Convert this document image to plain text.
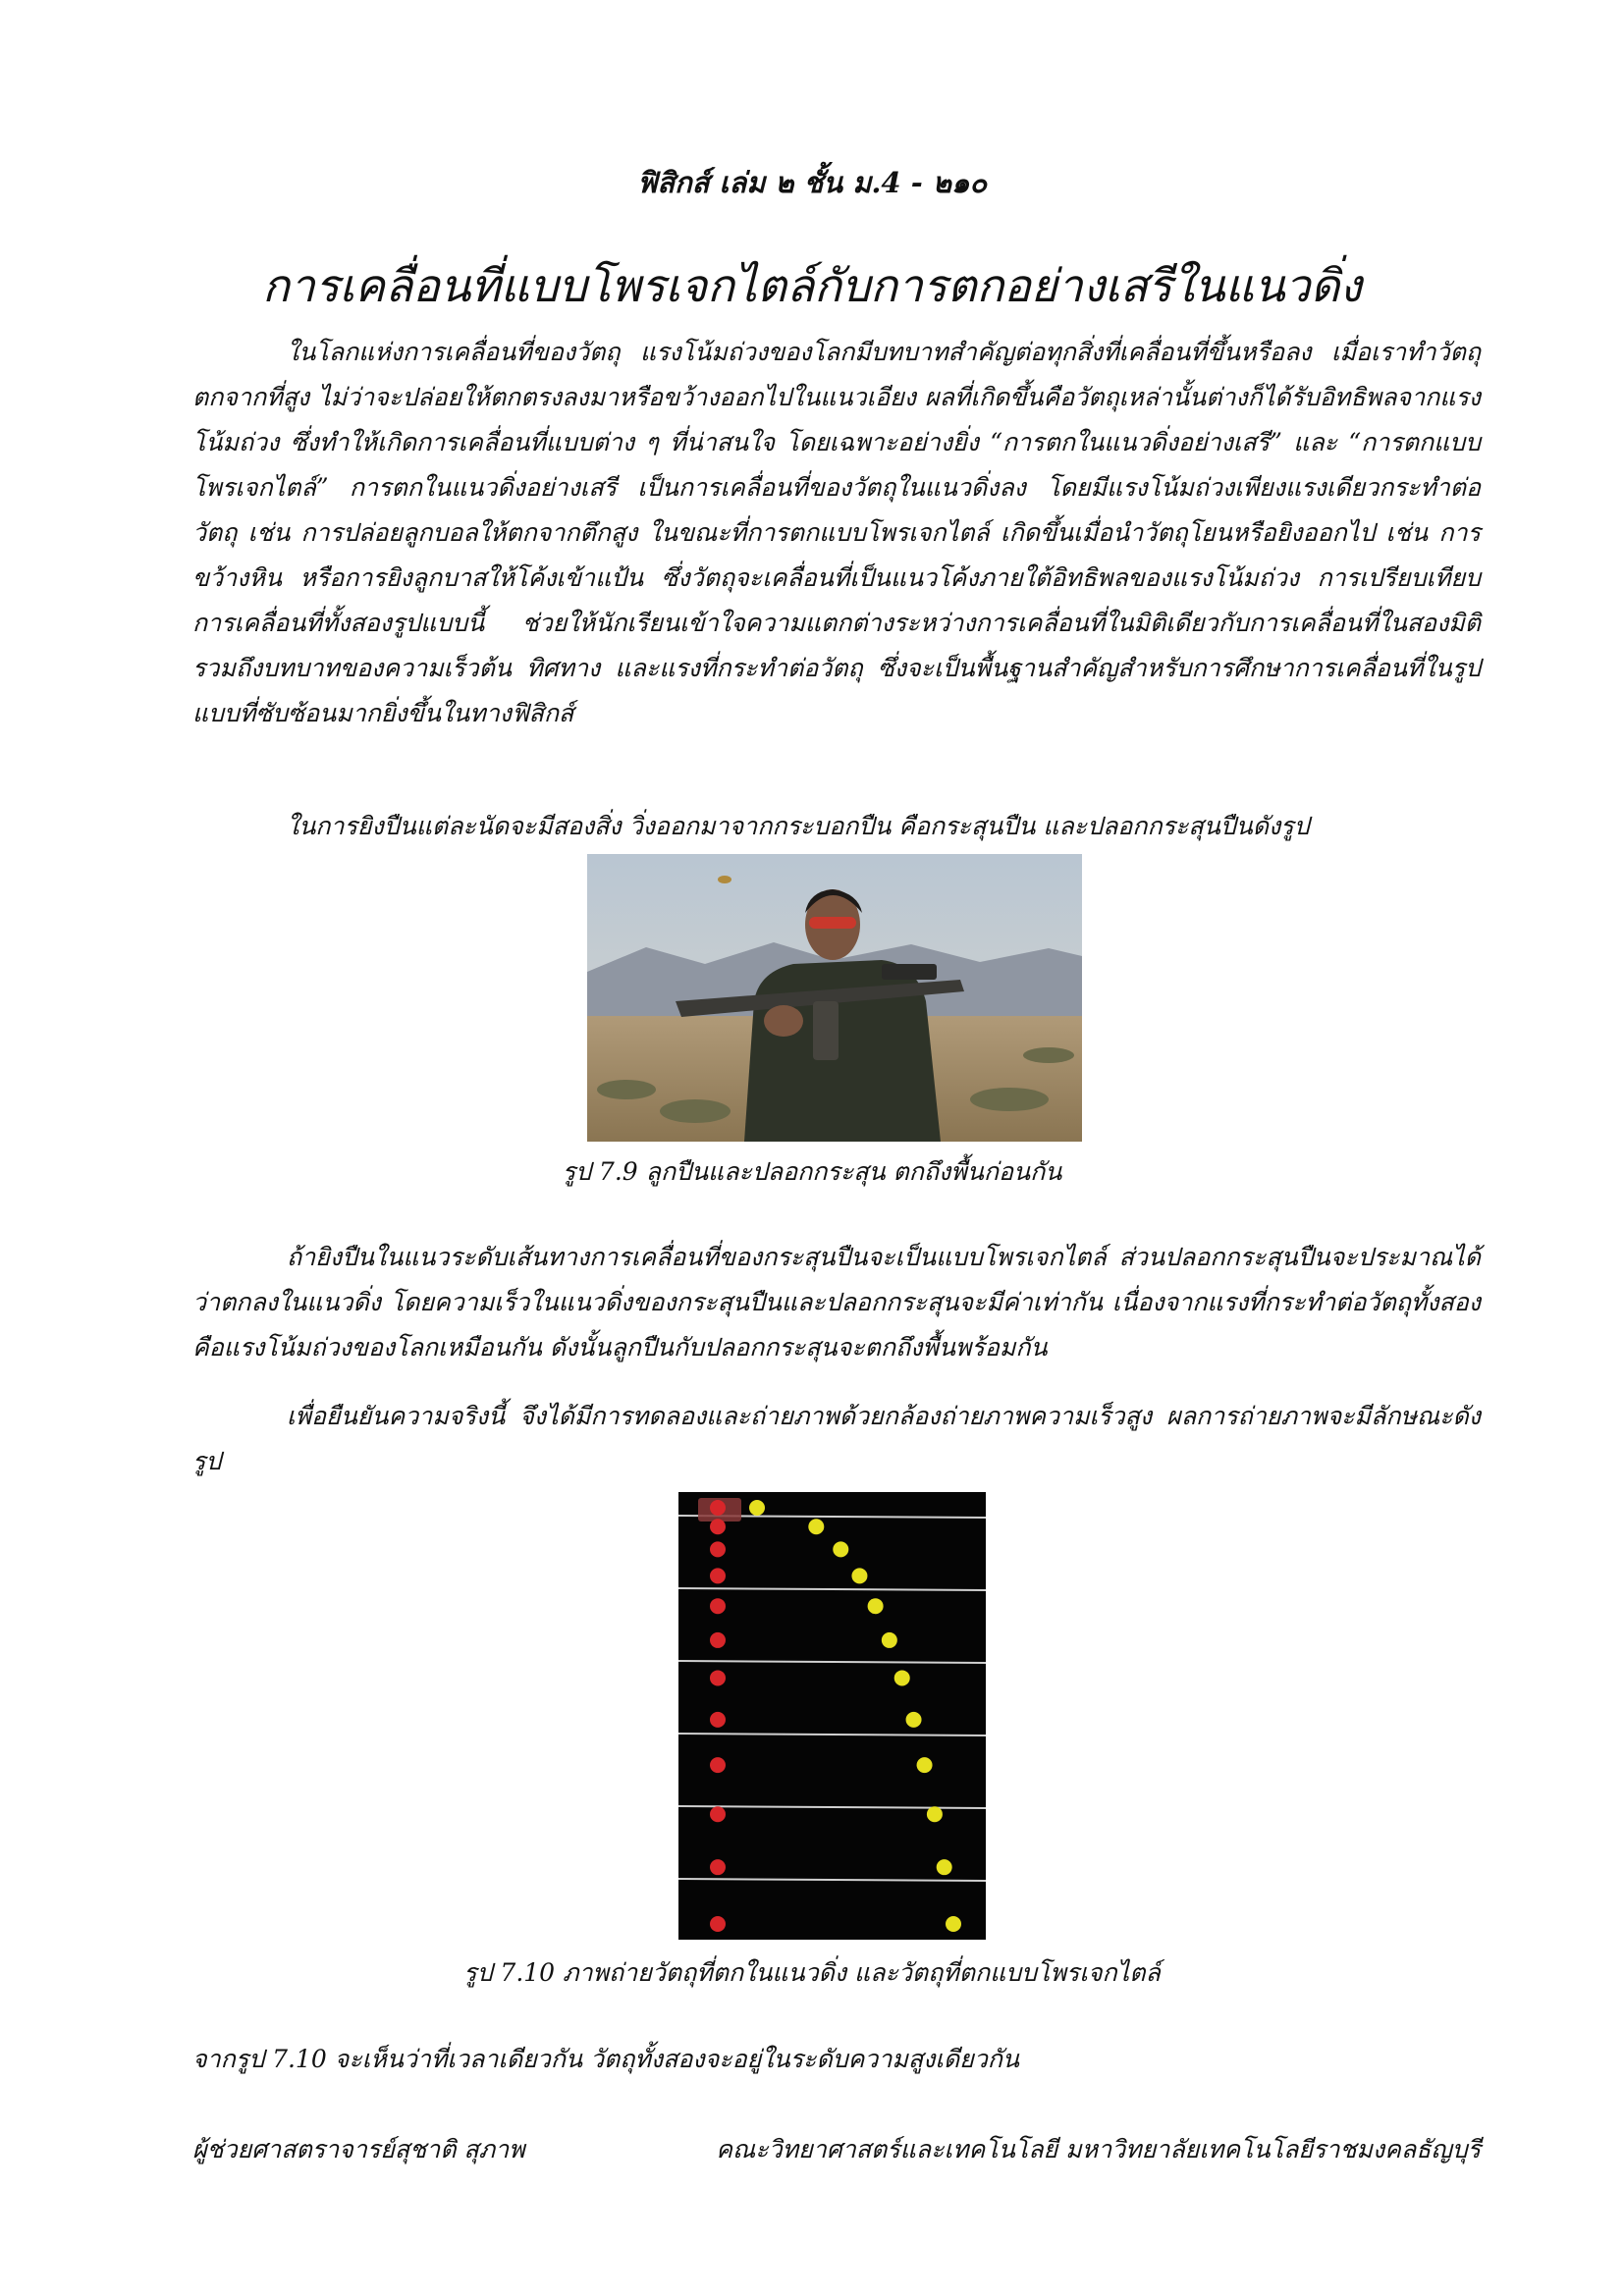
ฟิสิกส์ เล่ม ๒ ชั้น ม.4 - ๒๑๐
การเคลื่อนที่แบบโพรเจกไตล์กับการตกอย่างเสรีในแนวดิ่ง

ในโลกแห่งการเคลื่อนที่ของวัตถุ แรงโน้มถ่วงของโลกมีบทบาทสำคัญต่อทุกสิ่งที่เคลื่อนที่ขึ้นหรือลง เมื่อเราทำวัตถุตกจากที่สูง ไม่ว่าจะปล่อยให้ตกตรงลงมาหรือขว้างออกไปในแนวเอียง ผลที่เกิดขึ้นคือวัตถุเหล่านั้นต่างก็ได้รับอิทธิพลจากแรงโน้มถ่วง ซึ่งทำให้เกิดการเคลื่อนที่แบบต่าง ๆ ที่น่าสนใจ โดยเฉพาะอย่างยิ่ง “การตกในแนวดิ่งอย่างเสรี” และ “การตกแบบโพรเจกไตล์” การตกในแนวดิ่งอย่างเสรี เป็นการเคลื่อนที่ของวัตถุในแนวดิ่งลง โดยมีแรงโน้มถ่วงเพียงแรงเดียวกระทำต่อวัตถุ เช่น การปล่อยลูกบอลให้ตกจากตึกสูง ในขณะที่การตกแบบโพรเจกไตล์ เกิดขึ้นเมื่อนำวัตถุโยนหรือยิงออกไป เช่น การขว้างหิน หรือการยิงลูกบาสให้โค้งเข้าแป้น ซึ่งวัตถุจะเคลื่อนที่เป็นแนวโค้งภายใต้อิทธิพลของแรงโน้มถ่วง การเปรียบเทียบการเคลื่อนที่ทั้งสองรูปแบบนี้ ช่วยให้นักเรียนเข้าใจความแตกต่างระหว่างการเคลื่อนที่ในมิติเดียวกับการเคลื่อนที่ในสองมิติ รวมถึงบทบาทของความเร็วต้น ทิศทาง และแรงที่กระทำต่อวัตถุ ซึ่งจะเป็นพื้นฐานสำคัญสำหรับการศึกษาการเคลื่อนที่ในรูปแบบที่ซับซ้อนมากยิ่งขึ้นในทางฟิสิกส์

ในการยิงปืนแต่ละนัดจะมีสองสิ่ง วิ่งออกมาจากกระบอกปืน คือกระสุนปืน และปลอกกระสุนปืนดังรูป

รูป 7.9 ลูกปืนและปลอกกระสุน ตกถึงพื้นก่อนกัน

ถ้ายิงปืนในแนวระดับเส้นทางการเคลื่อนที่ของกระสุนปืนจะเป็นแบบโพรเจกไตล์ ส่วนปลอกกระสุนปืนจะประมาณได้ว่าตกลงในแนวดิ่ง โดยความเร็วในแนวดิ่งของกระสุนปืนและปลอกกระสุนจะมีค่าเท่ากัน เนื่องจากแรงที่กระทำต่อวัตถุทั้งสอง คือแรงโน้มถ่วงของโลกเหมือนกัน ดังนั้นลูกปืนกับปลอกกระสุนจะตกถึงพื้นพร้อมกัน

เพื่อยืนยันความจริงนี้ จึงได้มีการทดลองและถ่ายภาพด้วยกล้องถ่ายภาพความเร็วสูง ผลการถ่ายภาพจะมีลักษณะดังรูป

รูป 7.10 ภาพถ่ายวัตถุที่ตกในแนวดิ่ง และวัตถุที่ตกแบบโพรเจกไตล์

จากรูป 7.10 จะเห็นว่าที่เวลาเดียวกัน วัตถุทั้งสองจะอยู่ในระดับความสูงเดียวกัน

ผู้ช่วยศาสตราจารย์สุชาติ สุภาพ	คณะวิทยาศาสตร์และเทคโนโลยี มหาวิทยาลัยเทคโนโลยีราชมงคลธัญบุรี
